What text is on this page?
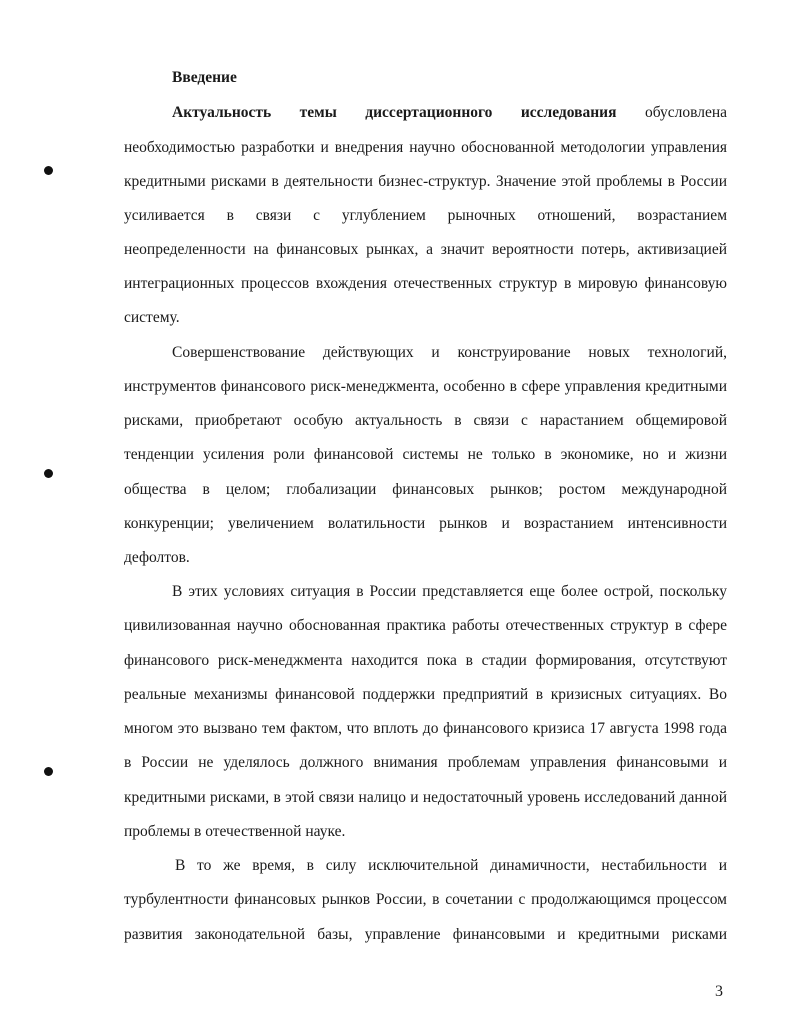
Введение
Актуальность темы диссертационного исследования обусловлена
необходимостью разработки и внедрения научно обоснованной методологии управления
кредитными рисками в деятельности бизнес-структур. Значение этой проблемы в России
усиливается в связи с углублением рыночных отношений, возрастанием
неопределенности на финансовых рынках, а значит вероятности потерь, активизацией
интеграционных процессов вхождения отечественных структур в мировую финансовую
систему.
Совершенствование действующих и конструирование новых технологий,
инструментов финансового риск-менеджмента, особенно в сфере управления кредитными
рисками, приобретают особую актуальность в связи с нарастанием общемировой
тенденции усиления роли финансовой системы не только в экономике, но и жизни
общества в целом; глобализации финансовых рынков; ростом международной
конкуренции; увеличением волатильности рынков и возрастанием интенсивности
дефолтов.
В этих условиях ситуация в России представляется еще более острой, поскольку
цивилизованная научно обоснованная практика работы отечественных структур в сфере
финансового риск-менеджмента находится пока в стадии формирования, отсутствуют
реальные механизмы финансовой поддержки предприятий в кризисных ситуациях. Во
многом это вызвано тем фактом, что вплоть до финансового кризиса 17 августа 1998 года
в России не уделялось должного внимания проблемам управления финансовыми и
кредитными рисками, в этой связи налицо и недостаточный уровень исследований данной
проблемы в отечественной науке.
В то же время, в силу исключительной динамичности, нестабильности и
турбулентности финансовых рынков России, в сочетании с продолжающимся процессом
развития законодательной базы, управление финансовыми и кредитными рисками
3
